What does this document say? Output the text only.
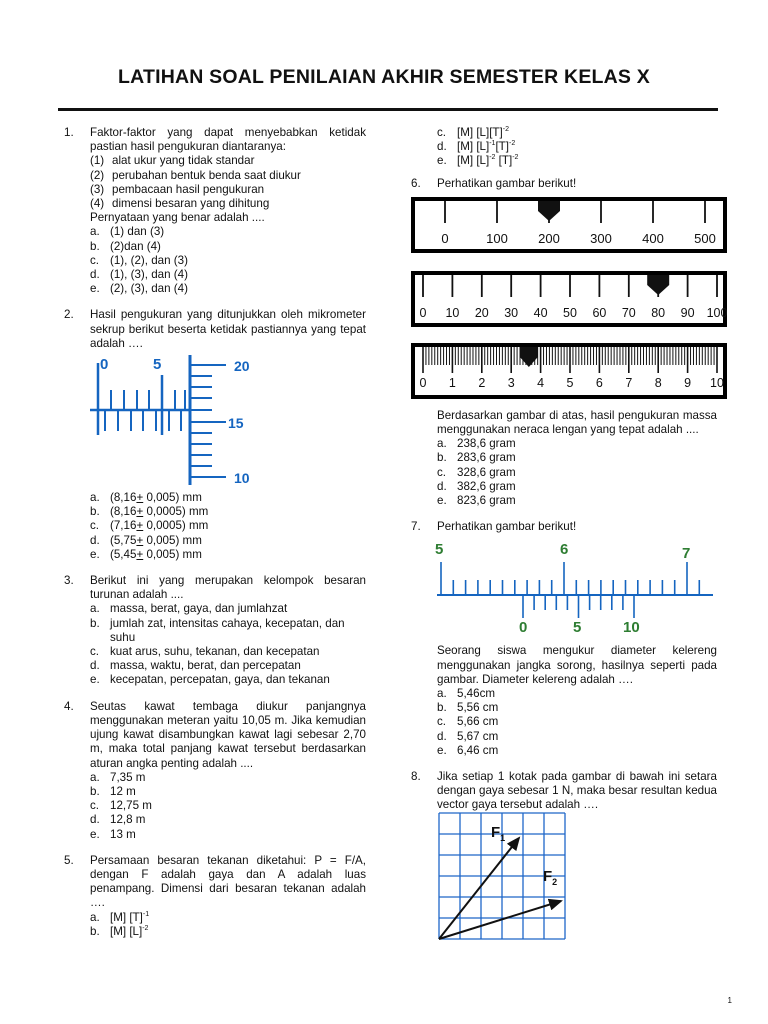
LATIHAN SOAL PENILAIAN AKHIR SEMESTER KELAS X
1. Faktor-faktor yang dapat menyebabkan ketidak pastian hasil pengukuran diantaranya:
(1) alat ukur yang tidak standar
(2) perubahan bentuk benda saat diukur
(3) pembacaan hasil pengukuran
(4) dimensi besaran yang dihitung
Pernyataan yang benar adalah ....
a. (1) dan (3)
b. (2)dan (4)
c. (1), (2), dan (3)
d. (1), (3), dan (4)
e. (2), (3), dan (4)
2. Hasil pengukuran yang ditunjukkan oleh mikrometer sekrup berikut beserta ketidak pastiannya yang tepat adalah ….
0	5	20
15
10
a. (8,16+ 0,005) mm
b. (8,16+ 0,0005) mm
c. (7,16+ 0,0005) mm
d. (5,75+ 0,005) mm
e. (5,45+ 0,005) mm
3. Berikut ini yang merupakan kelompok besaran turunan adalah ....
a. massa, berat, gaya, dan jumlahzat
b. jumlah zat, intensitas cahaya, kecepatan, dan suhu
c. kuat arus, suhu, tekanan, dan kecepatan
d. massa, waktu, berat, dan percepatan
e. kecepatan, percepatan, gaya, dan tekanan
4. Seutas kawat tembaga diukur panjangnya menggunakan meteran yaitu 10,05 m. Jika kemudian ujung kawat disambungkan kawat lagi sebesar 2,70 m, maka total panjang kawat tersebut berdasarkan aturan angka penting adalah ....
a. 7,35 m
b. 12 m
c. 12,75 m
d. 12,8 m
e. 13 m
5. Persamaan besaran tekanan diketahui: P = F/A, dengan F adalah gaya dan A adalah luas penampang. Dimensi dari besaran tekanan adalah ….
a. [M] $[T]^{-1}$
b. [M] $[L]^{-2}$
c. [M] $[L][T]^{-2}$
d. [M] $[L]^{-1}[T]^{-2}$
e. [M] $[L]^{-2}$ $[T]^{-2}$
6. Perhatikan gambar berikut!
0	100 200 300 400 500
0 10 20 30 40 50 60 70 80 90 100
0 1 2 3 4 5 6 7 8 9 10
Berdasarkan gambar di atas, hasil pengukuran massa menggunakan neraca lengan yang tepat adalah ....
a. 238,6 gram
b. 283,6 gram
c. 328,6 gram
d. 382,6 gram
e. 823,6 gram
7. Perhatikan gambar berikut!
5	6	7
0	5	10
Seorang siswa mengukur diameter kelereng menggunakan jangka sorong, hasilnya seperti pada gambar. Diameter kelereng adalah ….
a. 5,46cm
b. 5,56 cm
c. 5,66 cm
d. 5,67 cm
e. 6,46 cm
8. Jika setiap 1 kotak pada gambar di bawah ini setara dengan gaya sebesar 1 N, maka besar resultan kedua vector gaya tersebut adalah ….
$F_1$
$F_2$
1
